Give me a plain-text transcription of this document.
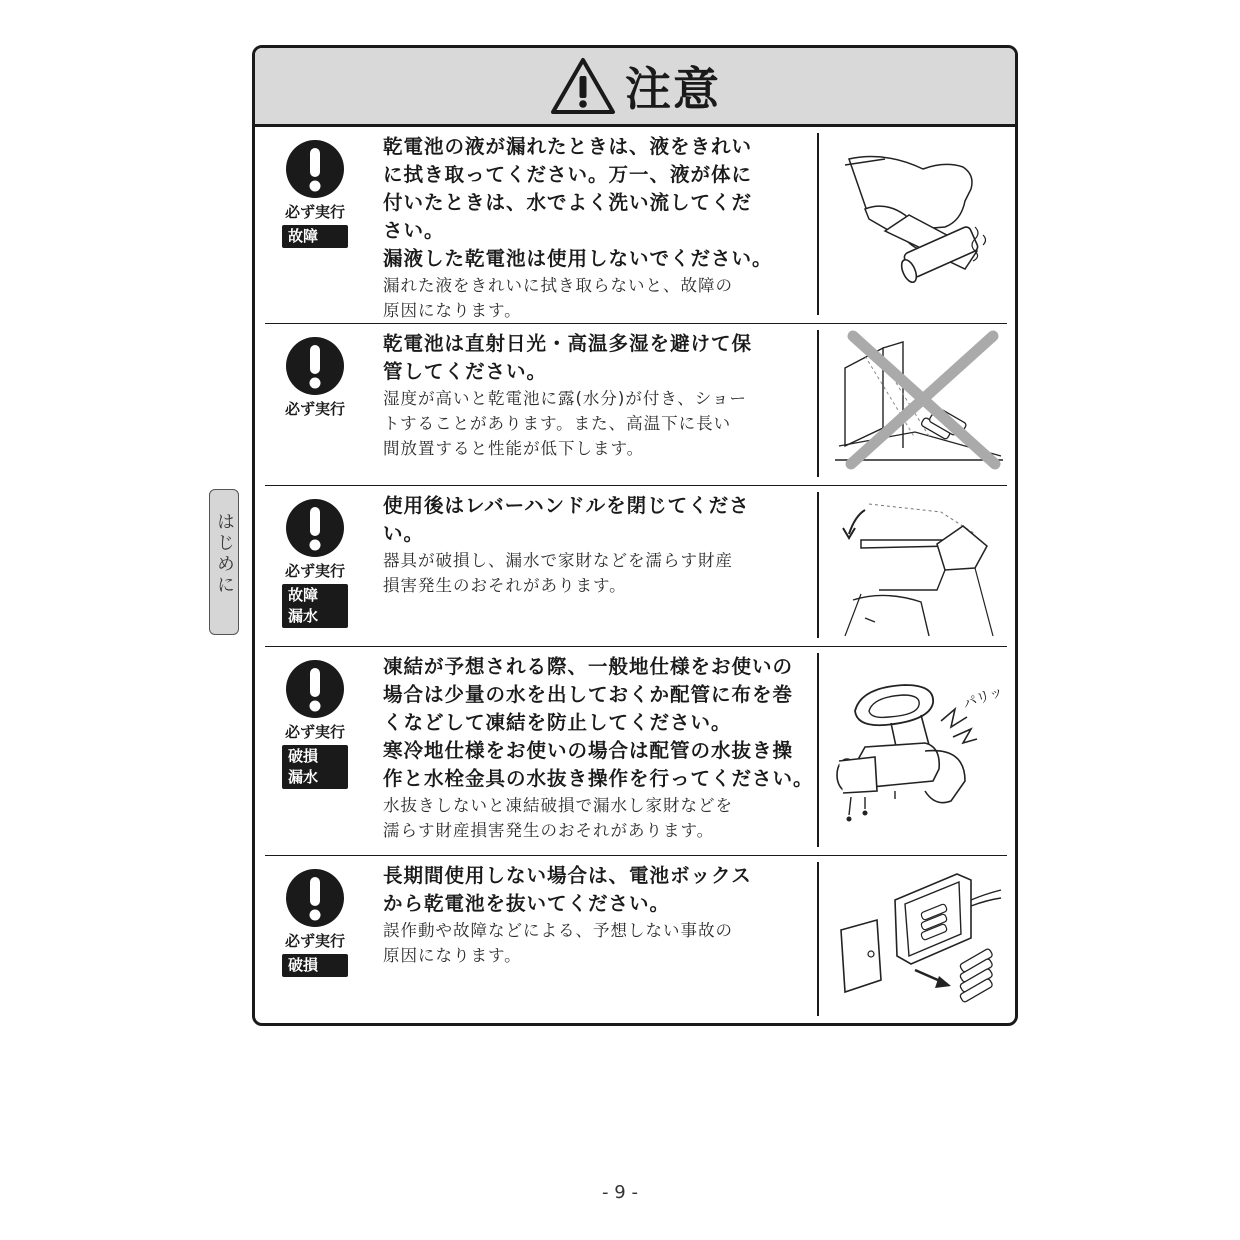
注意
必ず実行
故障
乾電池の液が漏れたときは、液をきれい
に拭き取ってください。万一、液が体に
付いたときは、水でよく洗い流してくだ
さい。
漏液した乾電池は使用しないでください。
漏れた液をきれいに拭き取らないと、故障の
原因になります。
必ず実行
乾電池は直射日光・高温多湿を避けて保
管してください。
湿度が高いと乾電池に露(水分)が付き、ショー
トすることがあります。また、高温下に長い
間放置すると性能が低下します。
必ず実行
故障
漏水
使用後はレバーハンドルを閉じてくださ
い。
器具が破損し、漏水で家財などを濡らす財産
損害発生のおそれがあります。
必ず実行
破損
漏水
凍結が予想される際、一般地仕様をお使いの
場合は少量の水を出しておくか配管に布を巻
くなどして凍結を防止してください。
寒冷地仕様をお使いの場合は配管の水抜き操
作と水栓金具の水抜き操作を行ってください。
水抜きしないと凍結破損で漏水し家財などを
濡らす財産損害発生のおそれがあります。
パリッ
必ず実行
破損
長期間使用しない場合は、電池ボックス
から乾電池を抜いてください。
誤作動や故障などによる、予想しない事故の
原因になります。
はじめに
- 9 -
